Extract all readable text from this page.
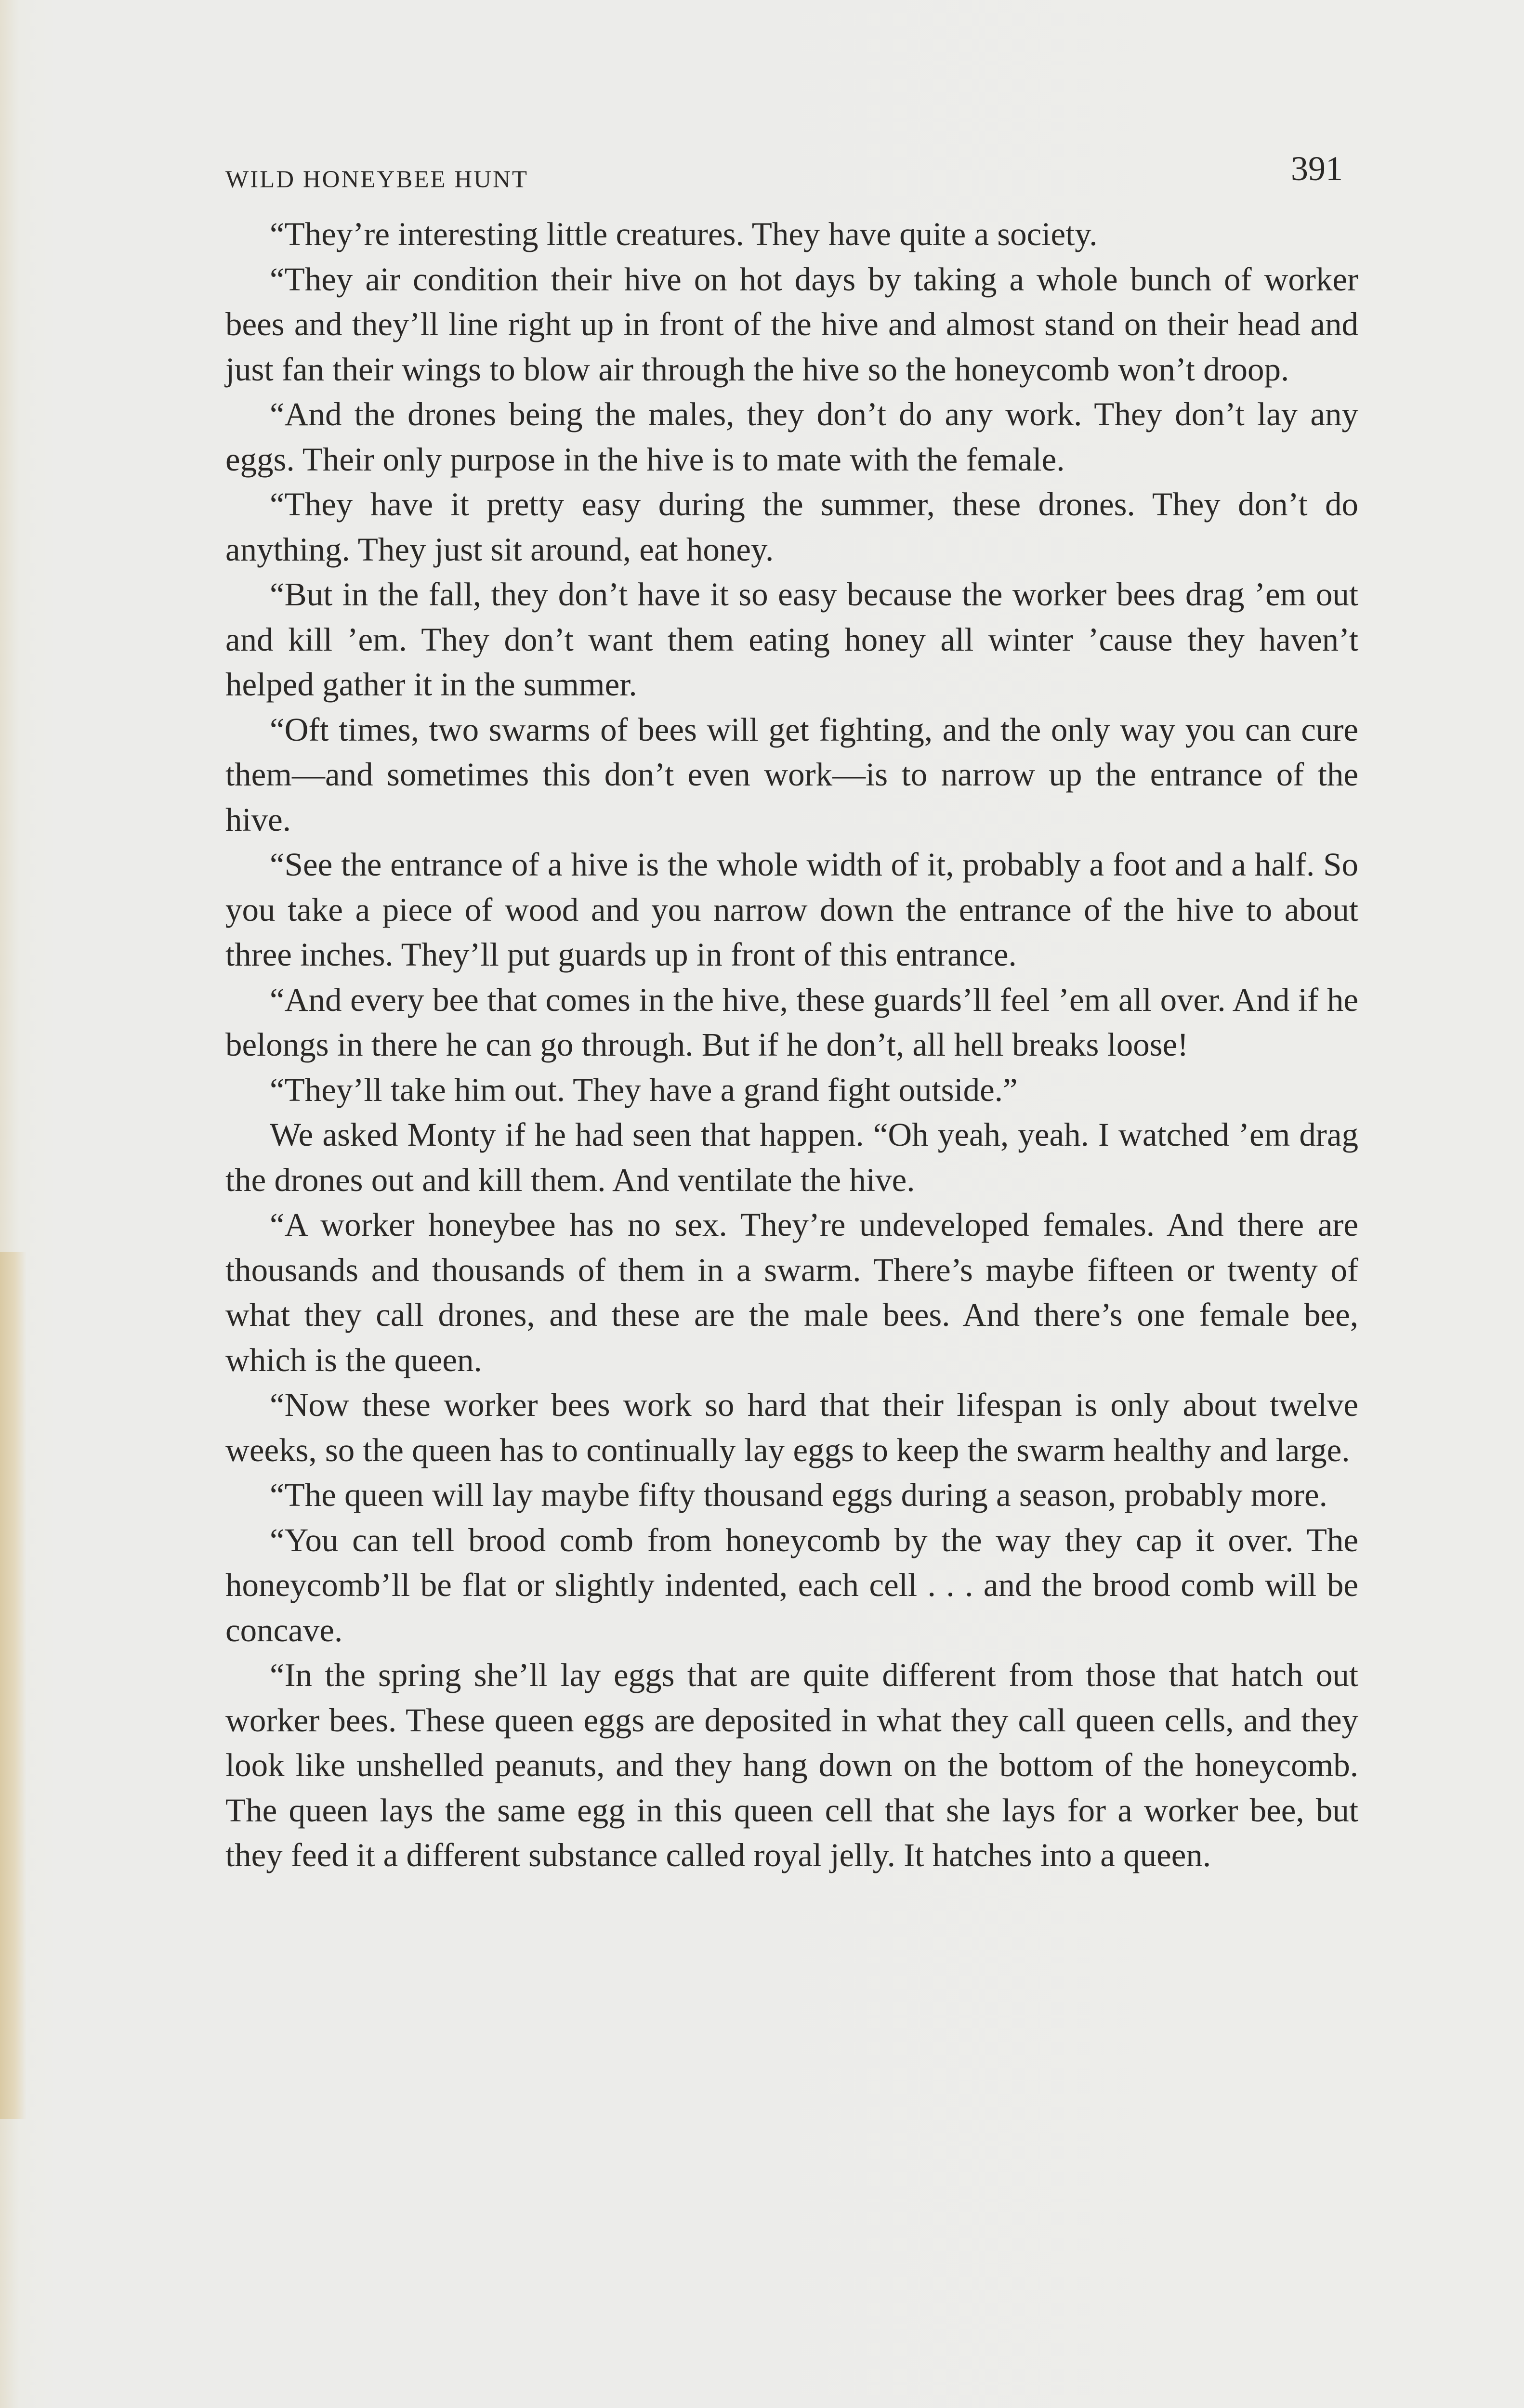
WILD HONEYBEE HUNT	391

“They’re interesting little creatures. They have quite a society.

“They air condition their hive on hot days by taking a whole bunch of worker bees and they’ll line right up in front of the hive and almost stand on their head and just fan their wings to blow air through the hive so the honeycomb won’t droop.

“And the drones being the males, they don’t do any work. They don’t lay any eggs. Their only purpose in the hive is to mate with the female.

“They have it pretty easy during the summer, these drones. They don’t do anything. They just sit around, eat honey.

“But in the fall, they don’t have it so easy because the worker bees drag ’em out and kill ’em. They don’t want them eating honey all winter ’cause they haven’t helped gather it in the summer.

“Oft times, two swarms of bees will get fighting, and the only way you can cure them—and sometimes this don’t even work—is to narrow up the entrance of the hive.

“See the entrance of a hive is the whole width of it, probably a foot and a half. So you take a piece of wood and you narrow down the entrance of the hive to about three inches. They’ll put guards up in front of this entrance.

“And every bee that comes in the hive, these guards’ll feel ’em all over. And if he belongs in there he can go through. But if he don’t, all hell breaks loose!

“They’ll take him out. They have a grand fight outside.”

We asked Monty if he had seen that happen. “Oh yeah, yeah. I watched ’em drag the drones out and kill them. And ventilate the hive.

“A worker honeybee has no sex. They’re undeveloped females. And there are thousands and thousands of them in a swarm. There’s maybe fifteen or twenty of what they call drones, and these are the male bees. And there’s one female bee, which is the queen.

“Now these worker bees work so hard that their lifespan is only about twelve weeks, so the queen has to continually lay eggs to keep the swarm healthy and large.

“The queen will lay maybe fifty thousand eggs during a season, probably more.

“You can tell brood comb from honeycomb by the way they cap it over. The honeycomb’ll be flat or slightly indented, each cell . . . and the brood comb will be concave.

“In the spring she’ll lay eggs that are quite different from those that hatch out worker bees. These queen eggs are deposited in what they call queen cells, and they look like unshelled peanuts, and they hang down on the bottom of the honeycomb. The queen lays the same egg in this queen cell that she lays for a worker bee, but they feed it a different substance called royal jelly. It hatches into a queen.
